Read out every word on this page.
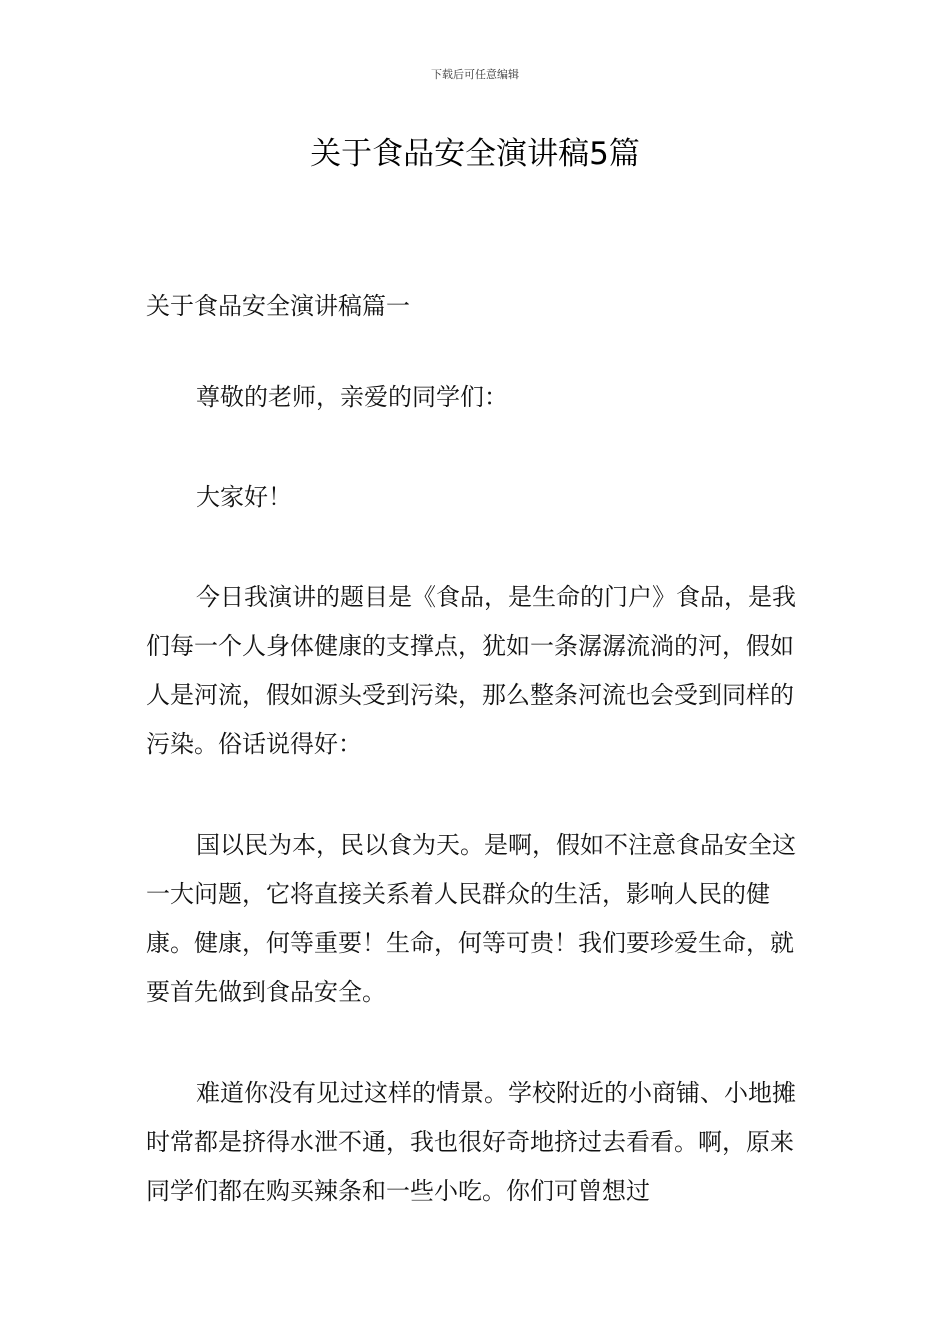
下载后可任意编辑
关于食品安全演讲稿5篇

关于食品安全演讲稿篇一

尊敬的老师，亲爱的同学们：

大家好！

今日我演讲的题目是《食品，是生命的门户》食品，是我们每一个人身体健康的支撑点，犹如一条潺潺流淌的河，假如人是河流，假如源头受到污染，那么整条河流也会受到同样的污染。俗话说得好：

国以民为本，民以食为天。是啊，假如不注意食品安全这一大问题，它将直接关系着人民群众的生活，影响人民的健康。健康，何等重要！生命，何等可贵！我们要珍爱生命，就要首先做到食品安全。

难道你没有见过这样的情景。学校附近的小商铺、小地摊时常都是挤得水泄不通，我也很好奇地挤过去看看。啊，原来同学们都在购买辣条和一些小吃。你们可曾想过
